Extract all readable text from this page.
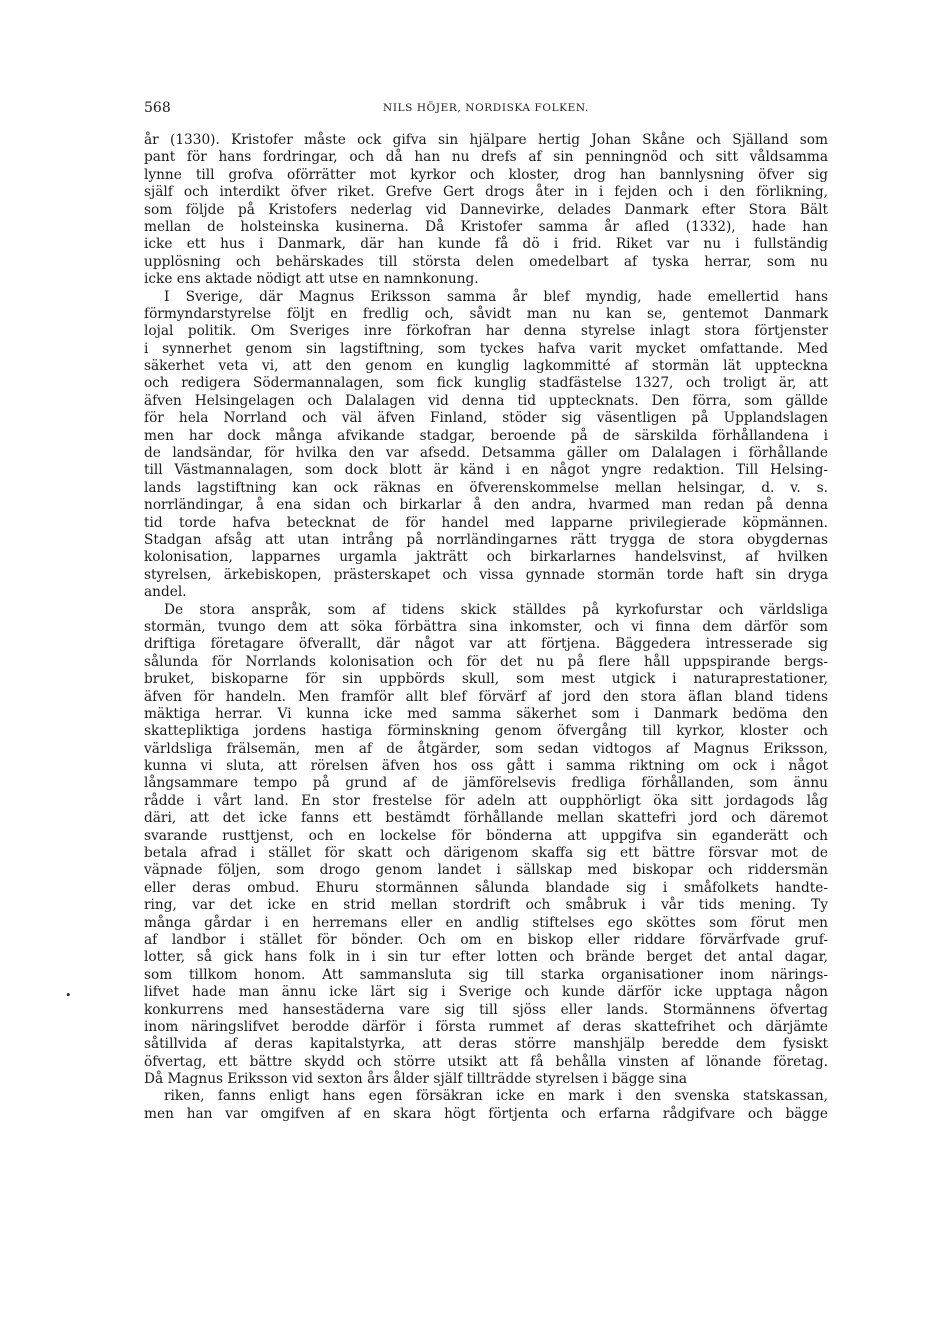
568	NILS HÖJER, NORDISKA FOLKEN.
•
år (1330). Kristofer måste ock gifva sin hjälpare hertig Johan Skåne och Själland som
pant för hans fordringar, och då han nu drefs af sin penningnöd och sitt våldsamma
lynne till grofva oförrätter mot kyrkor och kloster, drog han bannlysning öfver sig
själf och interdikt öfver riket. Grefve Gert drogs åter in i fejden och i den förlikning,
som följde på Kristofers nederlag vid Dannevirke, delades Danmark efter Stora Bält
mellan de holsteinska kusinerna. Då Kristofer samma år afled (1332), hade han
icke ett hus i Danmark, där han kunde få dö i frid. Riket var nu i fullständig
upplösning och behärskades till största delen omedelbart af tyska herrar, som nu
icke ens aktade nödigt att utse en namnkonung.
I Sverige, där Magnus Eriksson samma år blef myndig, hade emellertid hans
förmyndarstyrelse följt en fredlig och, såvidt man nu kan se, gentemot Danmark
lojal politik. Om Sveriges inre förkofran har denna styrelse inlagt stora förtjenster
i synnerhet genom sin lagstiftning, som tyckes hafva varit mycket omfattande. Med
säkerhet veta vi, att den genom en kunglig lagkommitté af stormän lät uppteckna
och redigera Södermannalagen, som fick kunglig stadfästelse 1327, och troligt är, att
äfven Helsingelagen och Dalalagen vid denna tid upptecknats. Den förra, som gällde
för hela Norrland och väl äfven Finland, stöder sig väsentligen på Upplandslagen
men har dock många afvikande stadgar, beroende på de särskilda förhållandena i
de landsändar, för hvilka den var afsedd. Detsamma gäller om Dalalagen i förhållande
till Västmannalagen, som dock blott är känd i en något yngre redaktion. Till Helsing-
lands lagstiftning kan ock räknas en öfverenskommelse mellan helsingar, d. v. s.
norrländingar, å ena sidan och birkarlar å den andra, hvarmed man redan på denna
tid torde hafva betecknat de för handel med lapparne privilegierade köpmännen.
Stadgan afsåg att utan intrång på norrländingarnes rätt trygga de stora obygdernas
kolonisation, lapparnes urgamla jakträtt och birkarlarnes handelsvinst, af hvilken
styrelsen, ärkebiskopen, prästerskapet och vissa gynnade stormän torde haft sin dryga
andel.
De stora anspråk, som af tidens skick ställdes på kyrkofurstar och världsliga
stormän, tvungo dem att söka förbättra sina inkomster, och vi finna dem därför som
driftiga företagare öfverallt, där något var att förtjena. Bäggedera intresserade sig
sålunda för Norrlands kolonisation och för det nu på flere håll uppspirande bergs-
bruket, biskoparne för sin uppbörds skull, som mest utgick i naturaprestationer,
äfven för handeln. Men framför allt blef förvärf af jord den stora äflan bland tidens
mäktiga herrar. Vi kunna icke med samma säkerhet som i Danmark bedöma den
skattepliktiga jordens hastiga förminskning genom öfvergång till kyrkor, kloster och
världsliga frälsemän, men af de åtgärder, som sedan vidtogos af Magnus Eriksson,
kunna vi sluta, att rörelsen äfven hos oss gått i samma riktning om ock i något
långsammare tempo på grund af de jämförelsevis fredliga förhållanden, som ännu
rådde i vårt land. En stor frestelse för adeln att oupphörligt öka sitt jordagods låg
däri, att det icke fanns ett bestämdt förhållande mellan skattefri jord och däremot
svarande rusttjenst, och en lockelse för bönderna att uppgifva sin eganderätt och
betala afrad i stället för skatt och därigenom skaffa sig ett bättre försvar mot de
väpnade följen, som drogo genom landet i sällskap med biskopar och riddersmän
eller deras ombud. Ehuru stormännen sålunda blandade sig i småfolkets handte-
ring, var det icke en strid mellan stordrift och småbruk i vår tids mening. Ty
många gårdar i en herremans eller en andlig stiftelses ego sköttes som förut men
af landbor i stället för bönder. Och om en biskop eller riddare förvärfvade gruf-
lotter, så gick hans folk in i sin tur efter lotten och brände berget det antal dagar,
som tillkom honom. Att sammansluta sig till starka organisationer inom närings-
lifvet hade man ännu icke lärt sig i Sverige och kunde därför icke upptaga någon
konkurrens med hansestäderna vare sig till sjöss eller lands. Stormännens öfvertag
inom näringslifvet berodde därför i första rummet af deras skattefrihet och därjämte
såtillvida af deras kapitalstyrka, att deras större manshjälp beredde dem fysiskt
öfvertag, ett bättre skydd och större utsikt att få behålla vinsten af lönande företag.
Då Magnus Eriksson vid sexton års ålder själf tillträdde styrelsen i bägge sina
riken, fanns enligt hans egen försäkran icke en mark i den svenska statskassan,
men han var omgifven af en skara högt förtjenta och erfarna rådgifvare och bägge
